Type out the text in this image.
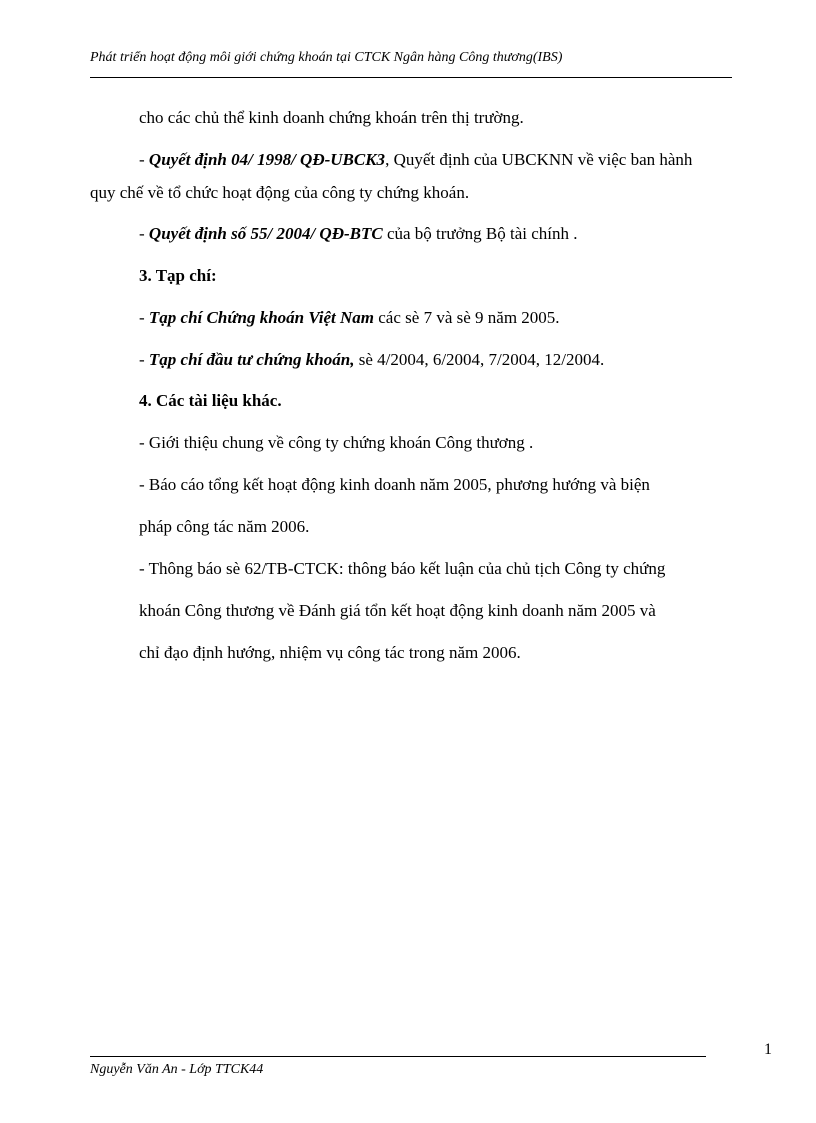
Phát triển hoạt động môi giới chứng khoán tại CTCK Ngân hàng Công thương(IBS)
cho các chủ thể kinh doanh chứng khoán trên thị trường.
- Quyết định 04/ 1998/ QĐ-UBCK3, Quyết định của UBCKNN về việc ban hành
quy chế về tổ chức hoạt động của công ty chứng khoán.
- Quyết định số 55/ 2004/ QĐ-BTC của bộ trưởng Bộ tài chính .
3. Tạp chí:
- Tạp chí Chứng khoán Việt Nam các sè 7 và sè 9 năm 2005.
- Tạp chí đầu tư chứng khoán, sè 4/2004, 6/2004, 7/2004, 12/2004.
4. Các tài liệu khác.
- Giới thiệu chung về công ty chứng khoán Công thương .
- Báo cáo tổng kết hoạt động kinh doanh năm 2005, phương hướng và biện
pháp công tác năm 2006.
- Thông báo sè 62/TB-CTCK: thông báo kết luận của chủ tịch Công ty chứng
khoán Công thương về Đánh giá tổn kết hoạt động kinh doanh năm 2005 và
chỉ đạo định hướng, nhiệm vụ công tác trong năm 2006.
1
Nguyễn Văn An - Lớp TTCK44
